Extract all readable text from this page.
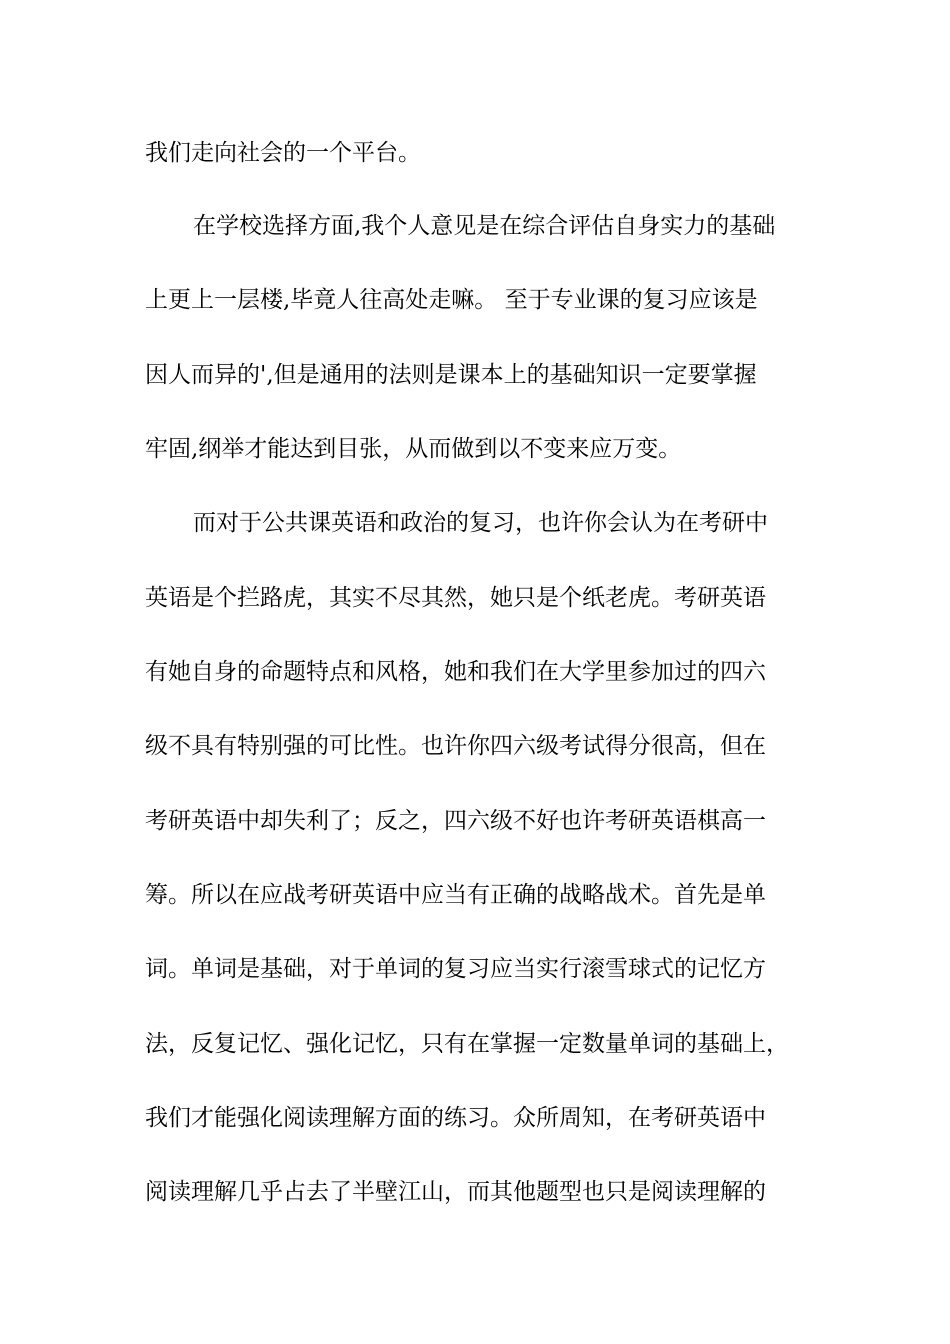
我们走向社会的一个平台。
在学校选择方面,我个人意见是在综合评估自身实力的基础
上更上一层楼,毕竟人往高处走嘛。 至于专业课的复习应该是
因人而异的',但是通用的法则是课本上的基础知识一定要掌握
牢固,纲举才能达到目张，从而做到以不变来应万变。
而对于公共课英语和政治的复习，也许你会认为在考研中
英语是个拦路虎，其实不尽其然，她只是个纸老虎。考研英语
有她自身的命题特点和风格，她和我们在大学里参加过的四六
级不具有特别强的可比性。也许你四六级考试得分很高，但在
考研英语中却失利了；反之，四六级不好也许考研英语棋高一
筹。所以在应战考研英语中应当有正确的战略战术。首先是单
词。单词是基础，对于单词的复习应当实行滚雪球式的记忆方
法，反复记忆、强化记忆，只有在掌握一定数量单词的基础上，
我们才能强化阅读理解方面的练习。众所周知，在考研英语中
阅读理解几乎占去了半壁江山，而其他题型也只是阅读理解的
